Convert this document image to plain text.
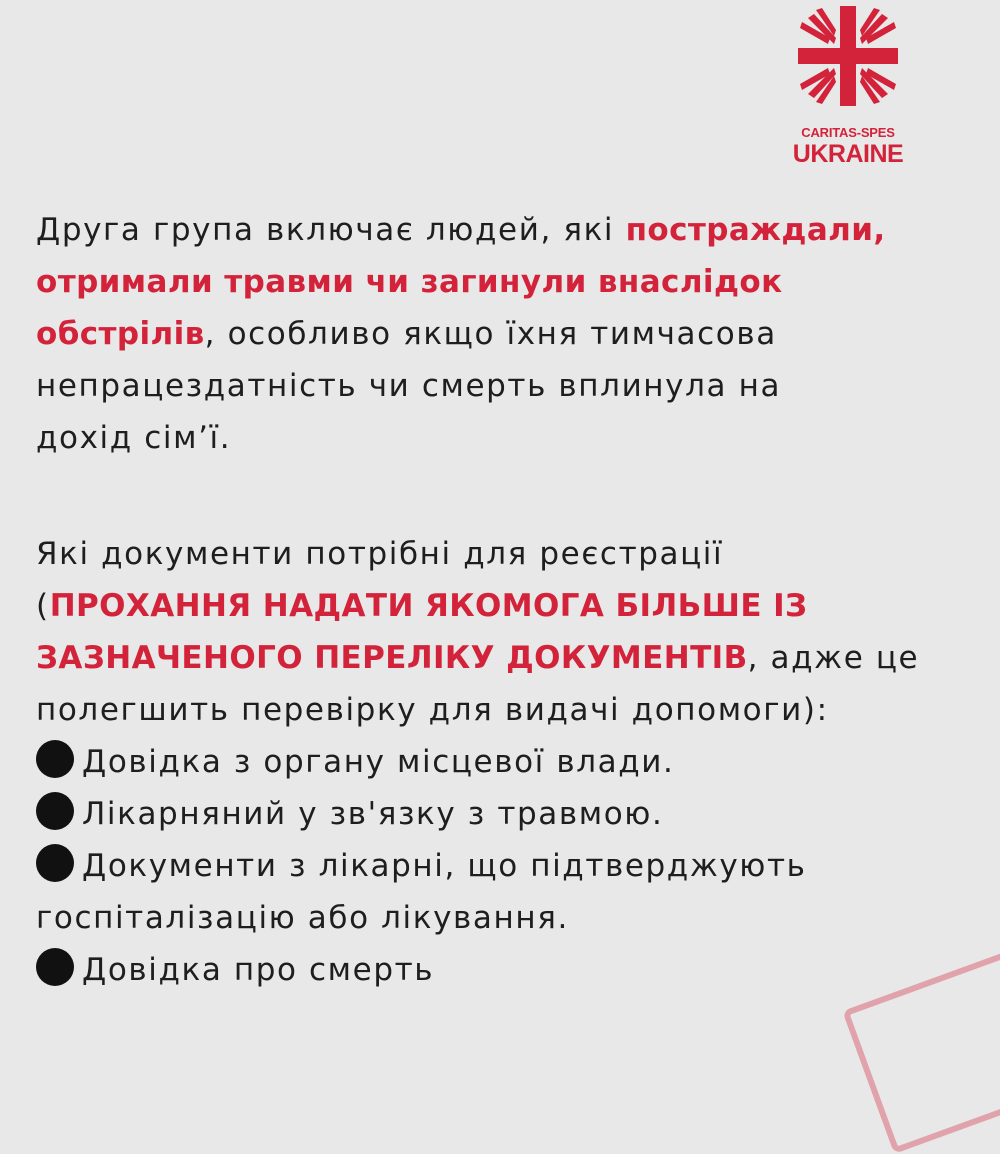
CARITAS-SPES
UKRAINE

Друга група включає людей, які постраждали,

отримали травми чи загинули внаслідок

обстрілів, особливо якщо їхня тимчасова

непрацездатність чи смерть вплинула на

дохід сім’ї.

Які документи потрібні для реєстрації

(ПРОХАННЯ НАДАТИ ЯКОМОГА БІЛЬШЕ ІЗ

ЗАЗНАЧЕНОГО ПЕРЕЛІКУ ДОКУМЕНТІВ, адже це

полегшить перевірку для видачі допомоги):

Довідка з органу місцевої влади.
Лікарняний у зв'язку з травмою.
Документи з лікарні, що підтверджують
госпіталізацію або лікування.
Довідка про смерть
